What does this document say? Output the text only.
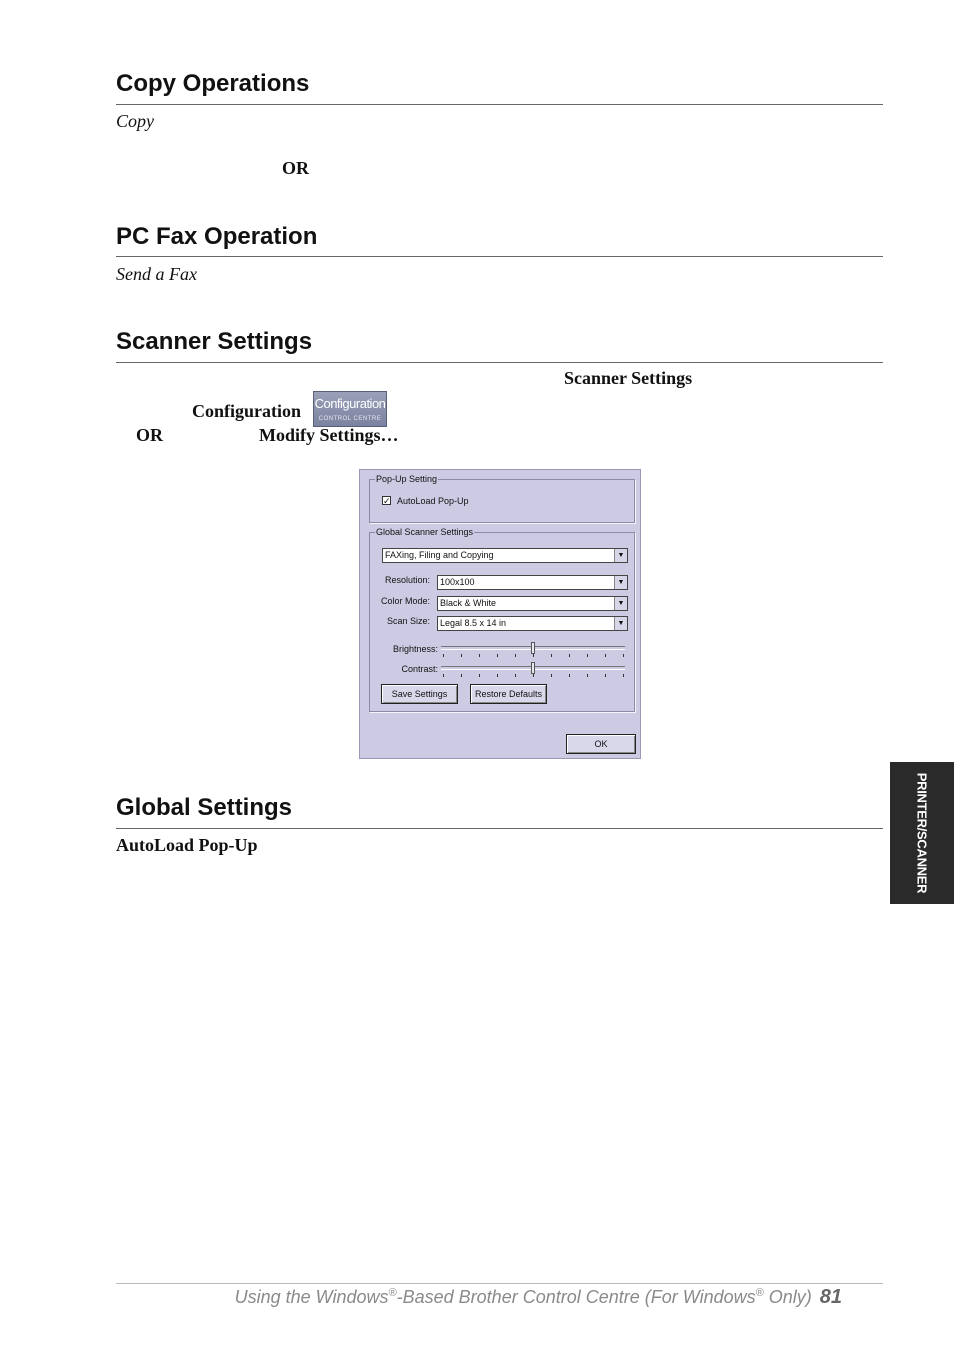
Copy Operations
Copy
OR
PC Fax Operation
Send a Fax
Scanner Settings
Scanner Settings
Configuration Configuration
CONTROL CENTRE
OR	Modify Settings…
Pop-Up Setting
✓ AutoLoad Pop-Up
Global Scanner Settings
FAXing, Filing and Copying	▼
Resolution:	100x100	▼
Color Mode:	Black & White	▼
Scan Size:	Legal 8.5 x 14 in	▼
Brightness:
Contrast:
Save Settings	Restore Defaults
OK
Global Settings
AutoLoad Pop-Up	PRINTER/SCANNER
Using the Windows®-Based Brother Control Centre (For Windows® Only) 81
